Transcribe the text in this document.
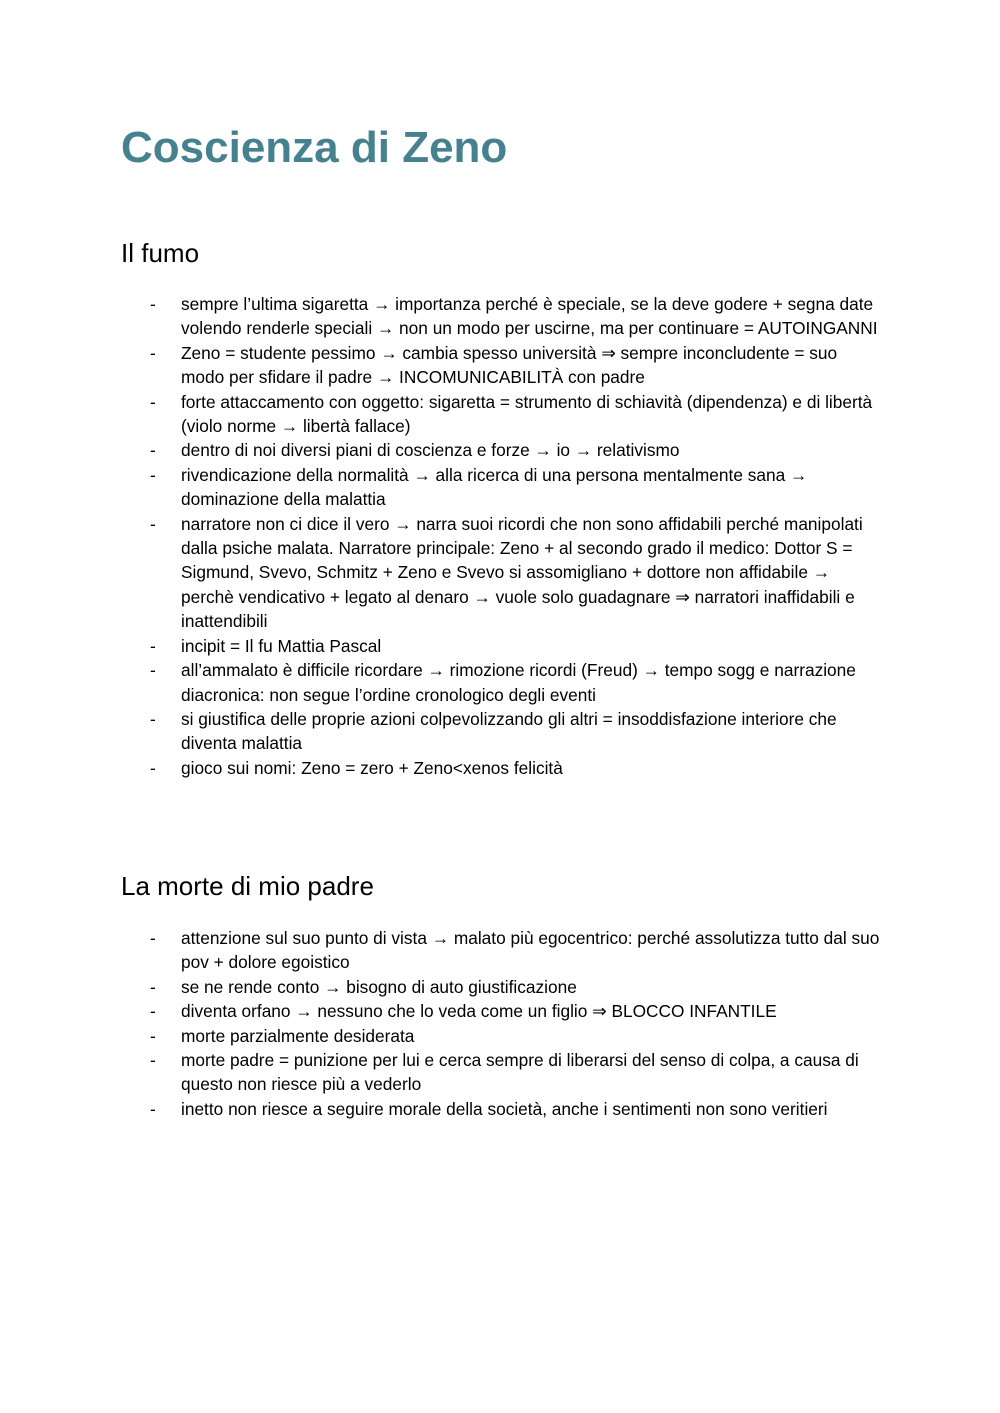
Coscienza di Zeno
Il fumo
- sempre l’ultima sigaretta → importanza perché è speciale, se la deve godere + segna date volendo renderle speciali → non un modo per uscirne, ma per continuare = AUTOINGANNI
- Zeno = studente pessimo → cambia spesso università ⇒ sempre inconcludente = suo modo per sfidare il padre → INCOMUNICABILITÀ con padre
- forte attaccamento con oggetto: sigaretta = strumento di schiavità (dipendenza) e di libertà (violo norme → libertà fallace)
- dentro di noi diversi piani di coscienza e forze → io → relativismo
- rivendicazione della normalità → alla ricerca di una persona mentalmente sana → dominazione della malattia
- narratore non ci dice il vero → narra suoi ricordi che non sono affidabili perché manipolati dalla psiche malata. Narratore principale: Zeno + al secondo grado il medico: Dottor S = Sigmund, Svevo, Schmitz + Zeno e Svevo si assomigliano + dottore non affidabile → perchè vendicativo + legato al denaro → vuole solo guadagnare ⇒ narratori inaffidabili e inattendibili
- incipit = Il fu Mattia Pascal
- all’ammalato è difficile ricordare → rimozione ricordi (Freud) → tempo sogg e narrazione diacronica: non segue l’ordine cronologico degli eventi
- si giustifica delle proprie azioni colpevolizzando gli altri = insoddisfazione interiore che diventa malattia
- gioco sui nomi: Zeno = zero + Zeno<xenos felicità
La morte di mio padre
- attenzione sul suo punto di vista → malato più egocentrico: perché assolutizza tutto dal suo pov + dolore egoistico
- se ne rende conto → bisogno di auto giustificazione
- diventa orfano → nessuno che lo veda come un figlio ⇒ BLOCCO INFANTILE
- morte parzialmente desiderata
- morte padre = punizione per lui e cerca sempre di liberarsi del senso di colpa, a causa di questo non riesce più a vederlo
- inetto non riesce a seguire morale della società, anche i sentimenti non sono veritieri
